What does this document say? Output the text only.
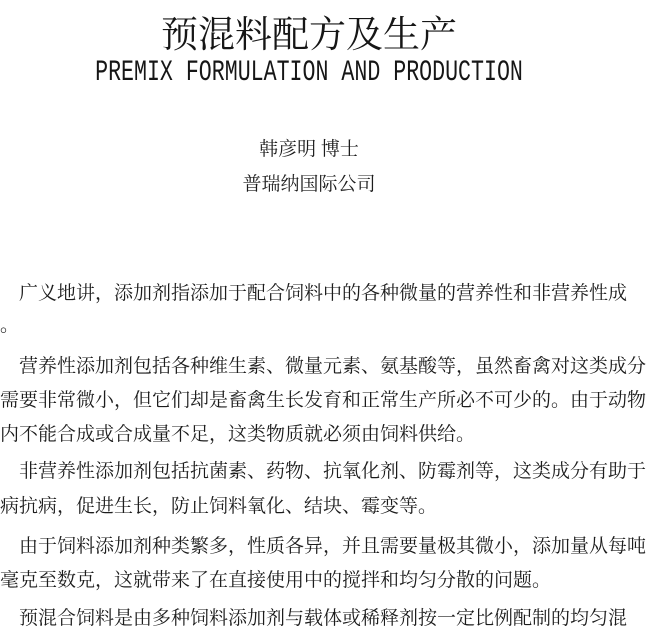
预混料配方及生产
PREMIX FORMULATION AND PRODUCTION
韩彦明 博士
普瑞纳国际公司
广义地讲，添加剂指添加于配合饲料中的各种微量的营养性和非营养性成
。
营养性添加剂包括各种维生素、微量元素、氨基酸等，虽然畜禽对这类成分
需要非常微小，但它们却是畜禽生长发育和正常生产所必不可少的。由于动物
内不能合成或合成量不足，这类物质就必须由饲料供给。
非营养性添加剂包括抗菌素、药物、抗氧化剂、防霉剂等，这类成分有助于
病抗病，促进生长，防止饲料氧化、结块、霉变等。
由于饲料添加剂种类繁多，性质各异，并且需要量极其微小，添加量从每吨
毫克至数克，这就带来了在直接使用中的搅拌和均匀分散的问题。
预混合饲料是由多种饲料添加剂与载体或稀释剂按一定比例配制的均匀混
